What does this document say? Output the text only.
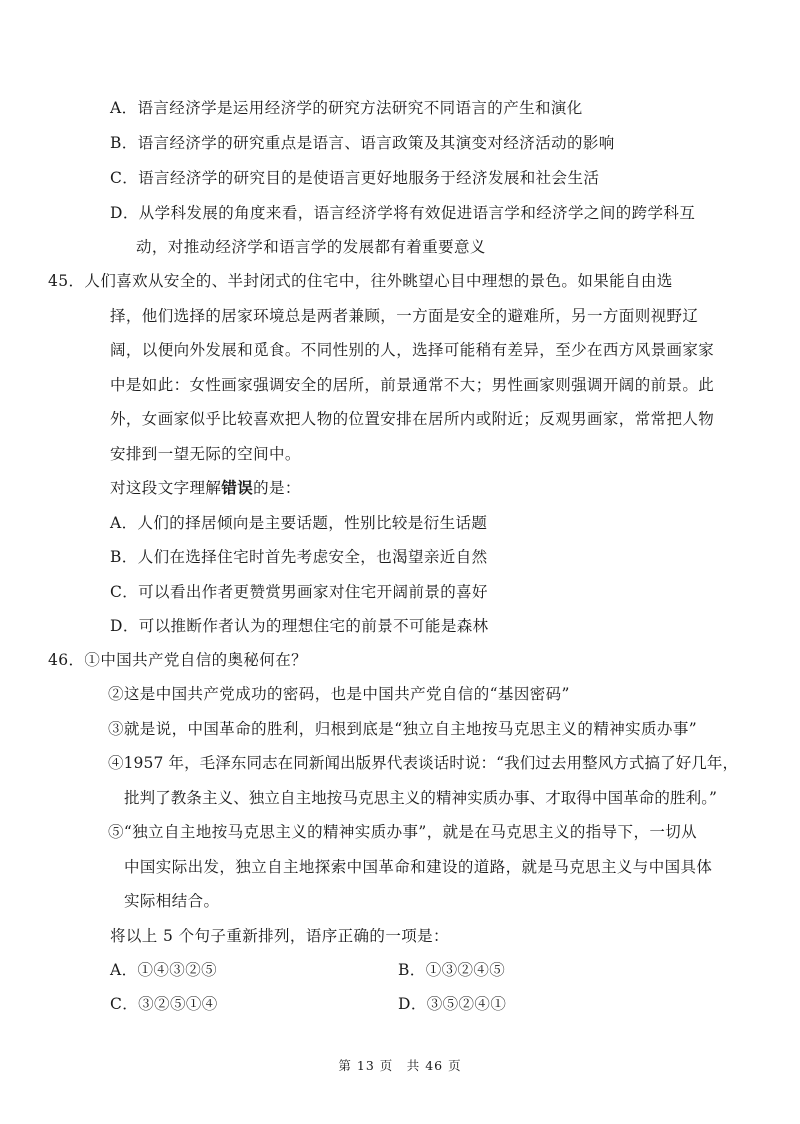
A．语言经济学是运用经济学的研究方法研究不同语言的产生和演化
B．语言经济学的研究重点是语言、语言政策及其演变对经济活动的影响
C．语言经济学的研究目的是使语言更好地服务于经济发展和社会生活
D．从学科发展的角度来看，语言经济学将有效促进语言学和经济学之间的跨学科互
动，对推动经济学和语言学的发展都有着重要意义
45．人们喜欢从安全的、半封闭式的住宅中，往外眺望心目中理想的景色。如果能自由选
择，他们选择的居家环境总是两者兼顾，一方面是安全的避难所，另一方面则视野辽
阔，以便向外发展和觅食。不同性别的人，选择可能稍有差异，至少在西方风景画家家
中是如此：女性画家强调安全的居所，前景通常不大；男性画家则强调开阔的前景。此
外，女画家似乎比较喜欢把人物的位置安排在居所内或附近；反观男画家，常常把人物
安排到一望无际的空间中。
对这段文字理解错误的是：
A．人们的择居倾向是主要话题，性别比较是衍生话题
B．人们在选择住宅时首先考虑安全，也渴望亲近自然
C．可以看出作者更赞赏男画家对住宅开阔前景的喜好
D．可以推断作者认为的理想住宅的前景不可能是森林
46．①中国共产党自信的奥秘何在？
②这是中国共产党成功的密码，也是中国共产党自信的“基因密码”
③就是说，中国革命的胜利，归根到底是“独立自主地按马克思主义的精神实质办事”
④1957 年，毛泽东同志在同新闻出版界代表谈话时说：“我们过去用整风方式搞了好几年，
批判了教条主义、独立自主地按马克思主义的精神实质办事、才取得中国革命的胜利。”
⑤“独立自主地按马克思主义的精神实质办事”，就是在马克思主义的指导下，一切从
中国实际出发，独立自主地探索中国革命和建设的道路，就是马克思主义与中国具体
实际相结合。
将以上 5 个句子重新排列，语序正确的一项是：
A．①④③②⑤	B．①③②④⑤
C．③②⑤①④	D．③⑤②④①
第 13 页　共 46 页
